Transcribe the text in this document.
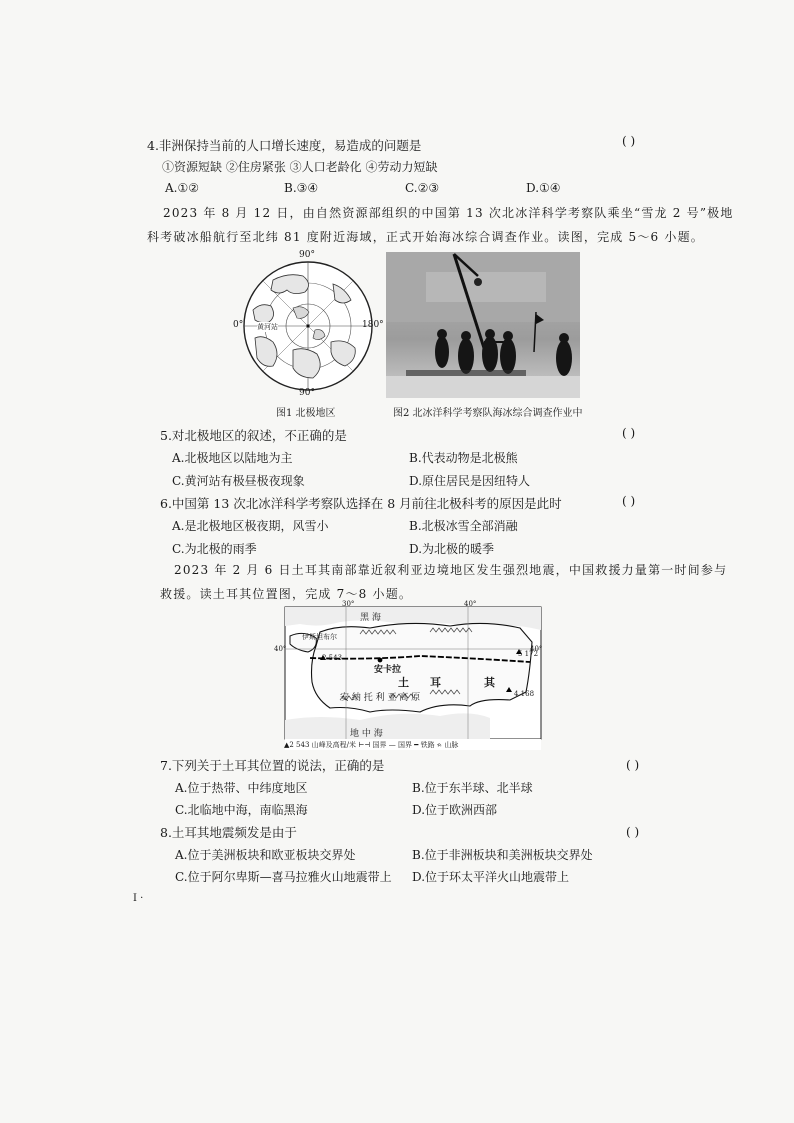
4.非洲保持当前的人口增长速度，易造成的问题是	( )
①资源短缺 ②住房紧张 ③人口老龄化 ④劳动力短缺
A.①②	B.③④	C.②③	D.①④
2023 年 8 月 12 日，由自然资源部组织的中国第 13 次北冰洋科学考察队乘坐“雪龙 2 号”极地
科考破冰船航行至北纬 81 度附近海域，正式开始海冰综合调查作业。读图，完成 5～6 小题。
90°
0°	180°
90°
黄河站
图1 北极地区	图2 北冰洋科学考察队海冰综合调查作业中
5.对北极地区的叙述，不正确的是	( )
A.北极地区以陆地为主	B.代表动物是北极熊
C.黄河站有极昼极夜现象	D.原住居民是因纽特人
6.中国第 13 次北冰洋科学考察队选择在 8 月前往北极科考的原因是此时	( )
A.是北极地区极夜期，风雪小	B.北极冰雪全部消融
C.为北极的雨季	D.为北极的暖季
2023 年 2 月 6 日土耳其南部靠近叙利亚边境地区发生强烈地震，中国救援力量第一时间参与
救援。读土耳其位置图，完成 7～8 小题。
30°	40°
40°	40°
黑 海
地 中 海
伊斯坦布尔
安卡拉
土 耳	其
安 纳 托 利 亚 高 原
2 543	5 172
4 168
▲2 543 山峰及高程/米 ⊢⊣ 国界 — 国界 ━ 铁路 ᨑ 山脉
7.下列关于土耳其位置的说法，正确的是	( )
A.位于热带、中纬度地区	B.位于东半球、北半球
C.北临地中海，南临黑海	D.位于欧洲西部
8.土耳其地震频发是由于	( )
A.位于美洲板块和欧亚板块交界处	B.位于非洲板块和美洲板块交界处
C.位于阿尔卑斯—喜马拉雅火山地震带上 D.位于环太平洋火山地震带上
I ·
